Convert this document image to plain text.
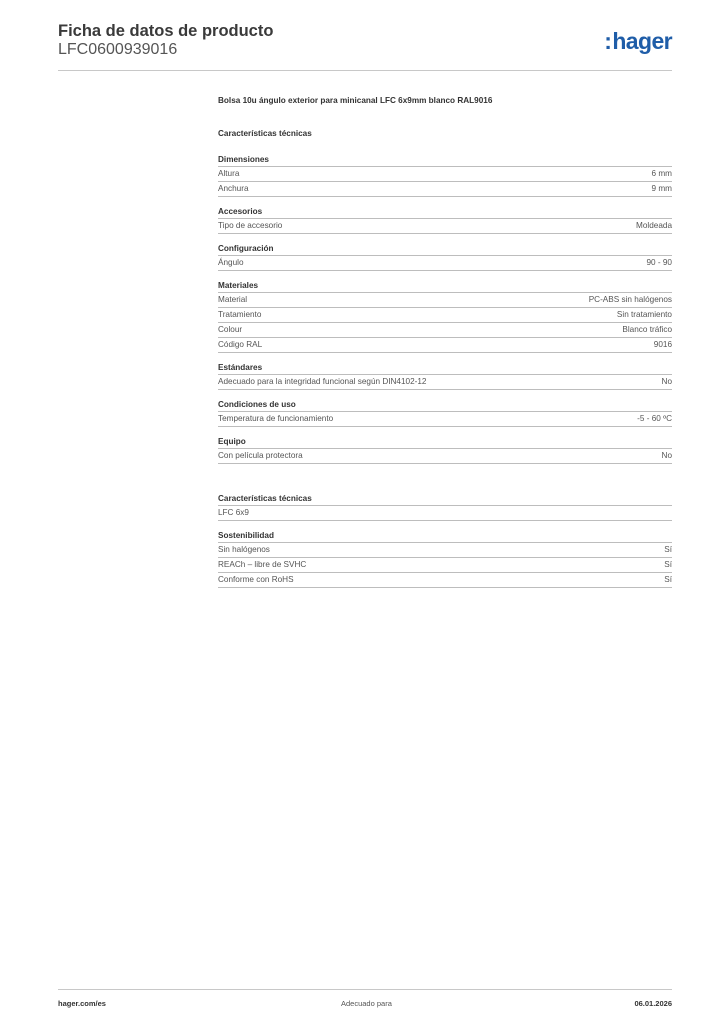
Ficha de datos de producto
LFC0600939016	:hager
Bolsa 10u ángulo exterior para minicanal LFC 6x9mm blanco RAL9016
Características técnicas
Dimensiones
Altura	6 mm
Anchura	9 mm
Accesorios
Tipo de accesorio	Moldeada
Configuración
Ángulo	90 - 90
Materiales
Material	PC-ABS sin halógenos
Tratamiento	Sin tratamiento
Colour	Blanco tráfico
Código RAL	9016
Estándares
Adecuado para la integridad funcional según DIN4102-12	No
Condiciones de uso
Temperatura de funcionamiento	-5 - 60 ºC
Equipo
Con película protectora	No
Características técnicas
LFC 6x9
Sostenibilidad
Sin halógenos	Sí
REACh – libre de SVHC	Sí
Conforme con RoHS	Sí
hager.com/es	Adecuado para	06.01.2026
